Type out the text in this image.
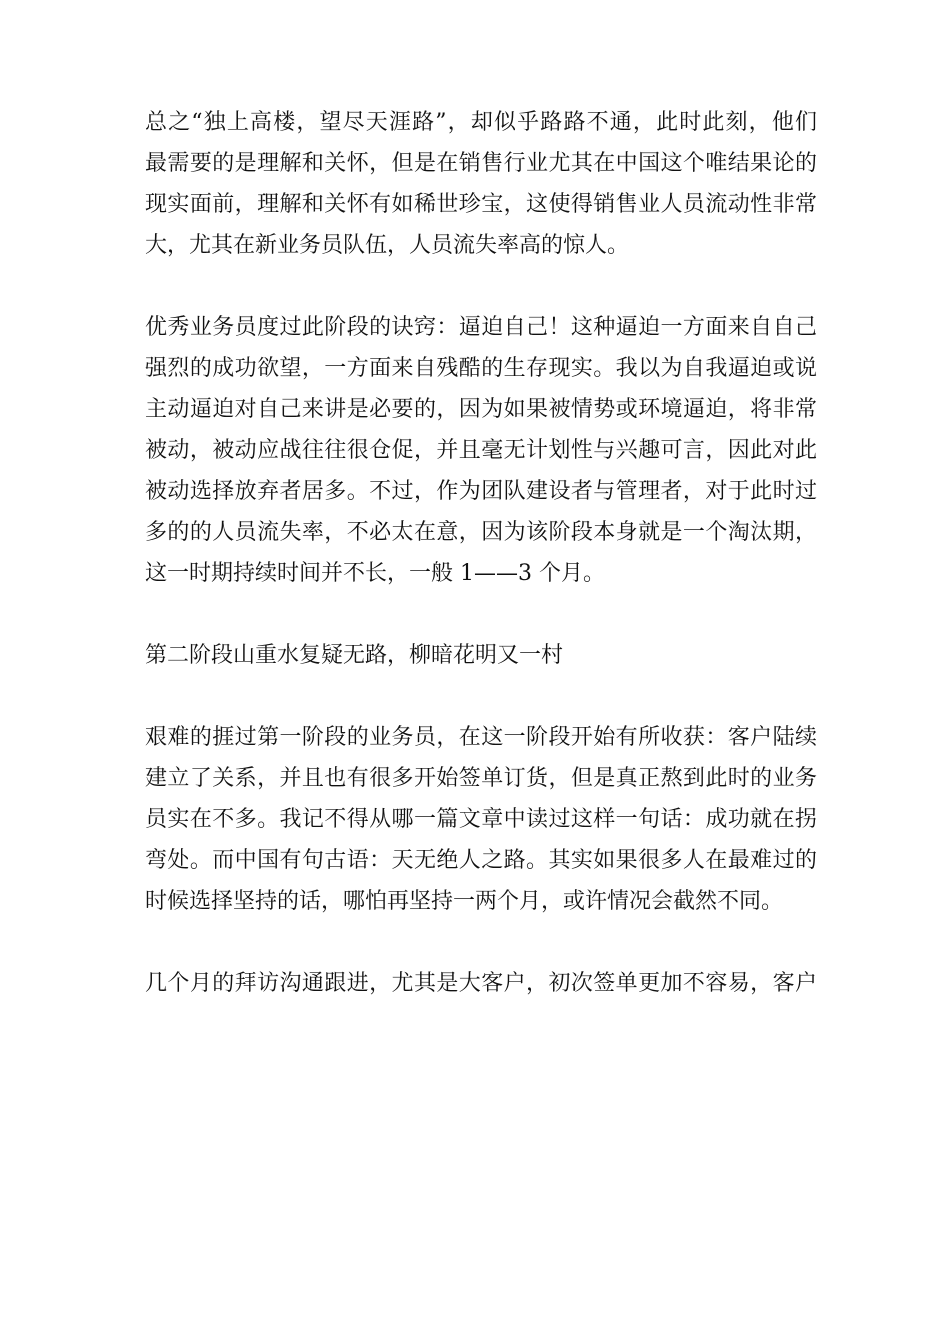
总之“独上高楼，望尽天涯路”，却似乎路路不通，此时此刻，他们
最需要的是理解和关怀，但是在销售行业尤其在中国这个唯结果论的
现实面前，理解和关怀有如稀世珍宝，这使得销售业人员流动性非常
大，尤其在新业务员队伍，人员流失率高的惊人。

优秀业务员度过此阶段的诀窍：逼迫自己！这种逼迫一方面来自自己
强烈的成功欲望，一方面来自残酷的生存现实。我以为自我逼迫或说
主动逼迫对自己来讲是必要的，因为如果被情势或环境逼迫，将非常
被动，被动应战往往很仓促，并且毫无计划性与兴趣可言，因此对此
被动选择放弃者居多。不过，作为团队建设者与管理者，对于此时过
多的的人员流失率，不必太在意，因为该阶段本身就是一个淘汰期，
这一时期持续时间并不长，一般 1——3 个月。

第二阶段山重水复疑无路，柳暗花明又一村

艰难的捱过第一阶段的业务员，在这一阶段开始有所收获：客户陆续
建立了关系，并且也有很多开始签单订货，但是真正熬到此时的业务
员实在不多。我记不得从哪一篇文章中读过这样一句话：成功就在拐
弯处。而中国有句古语：天无绝人之路。其实如果很多人在最难过的
时候选择坚持的话，哪怕再坚持一两个月，或许情况会截然不同。

几个月的拜访沟通跟进，尤其是大客户，初次签单更加不容易，客户
